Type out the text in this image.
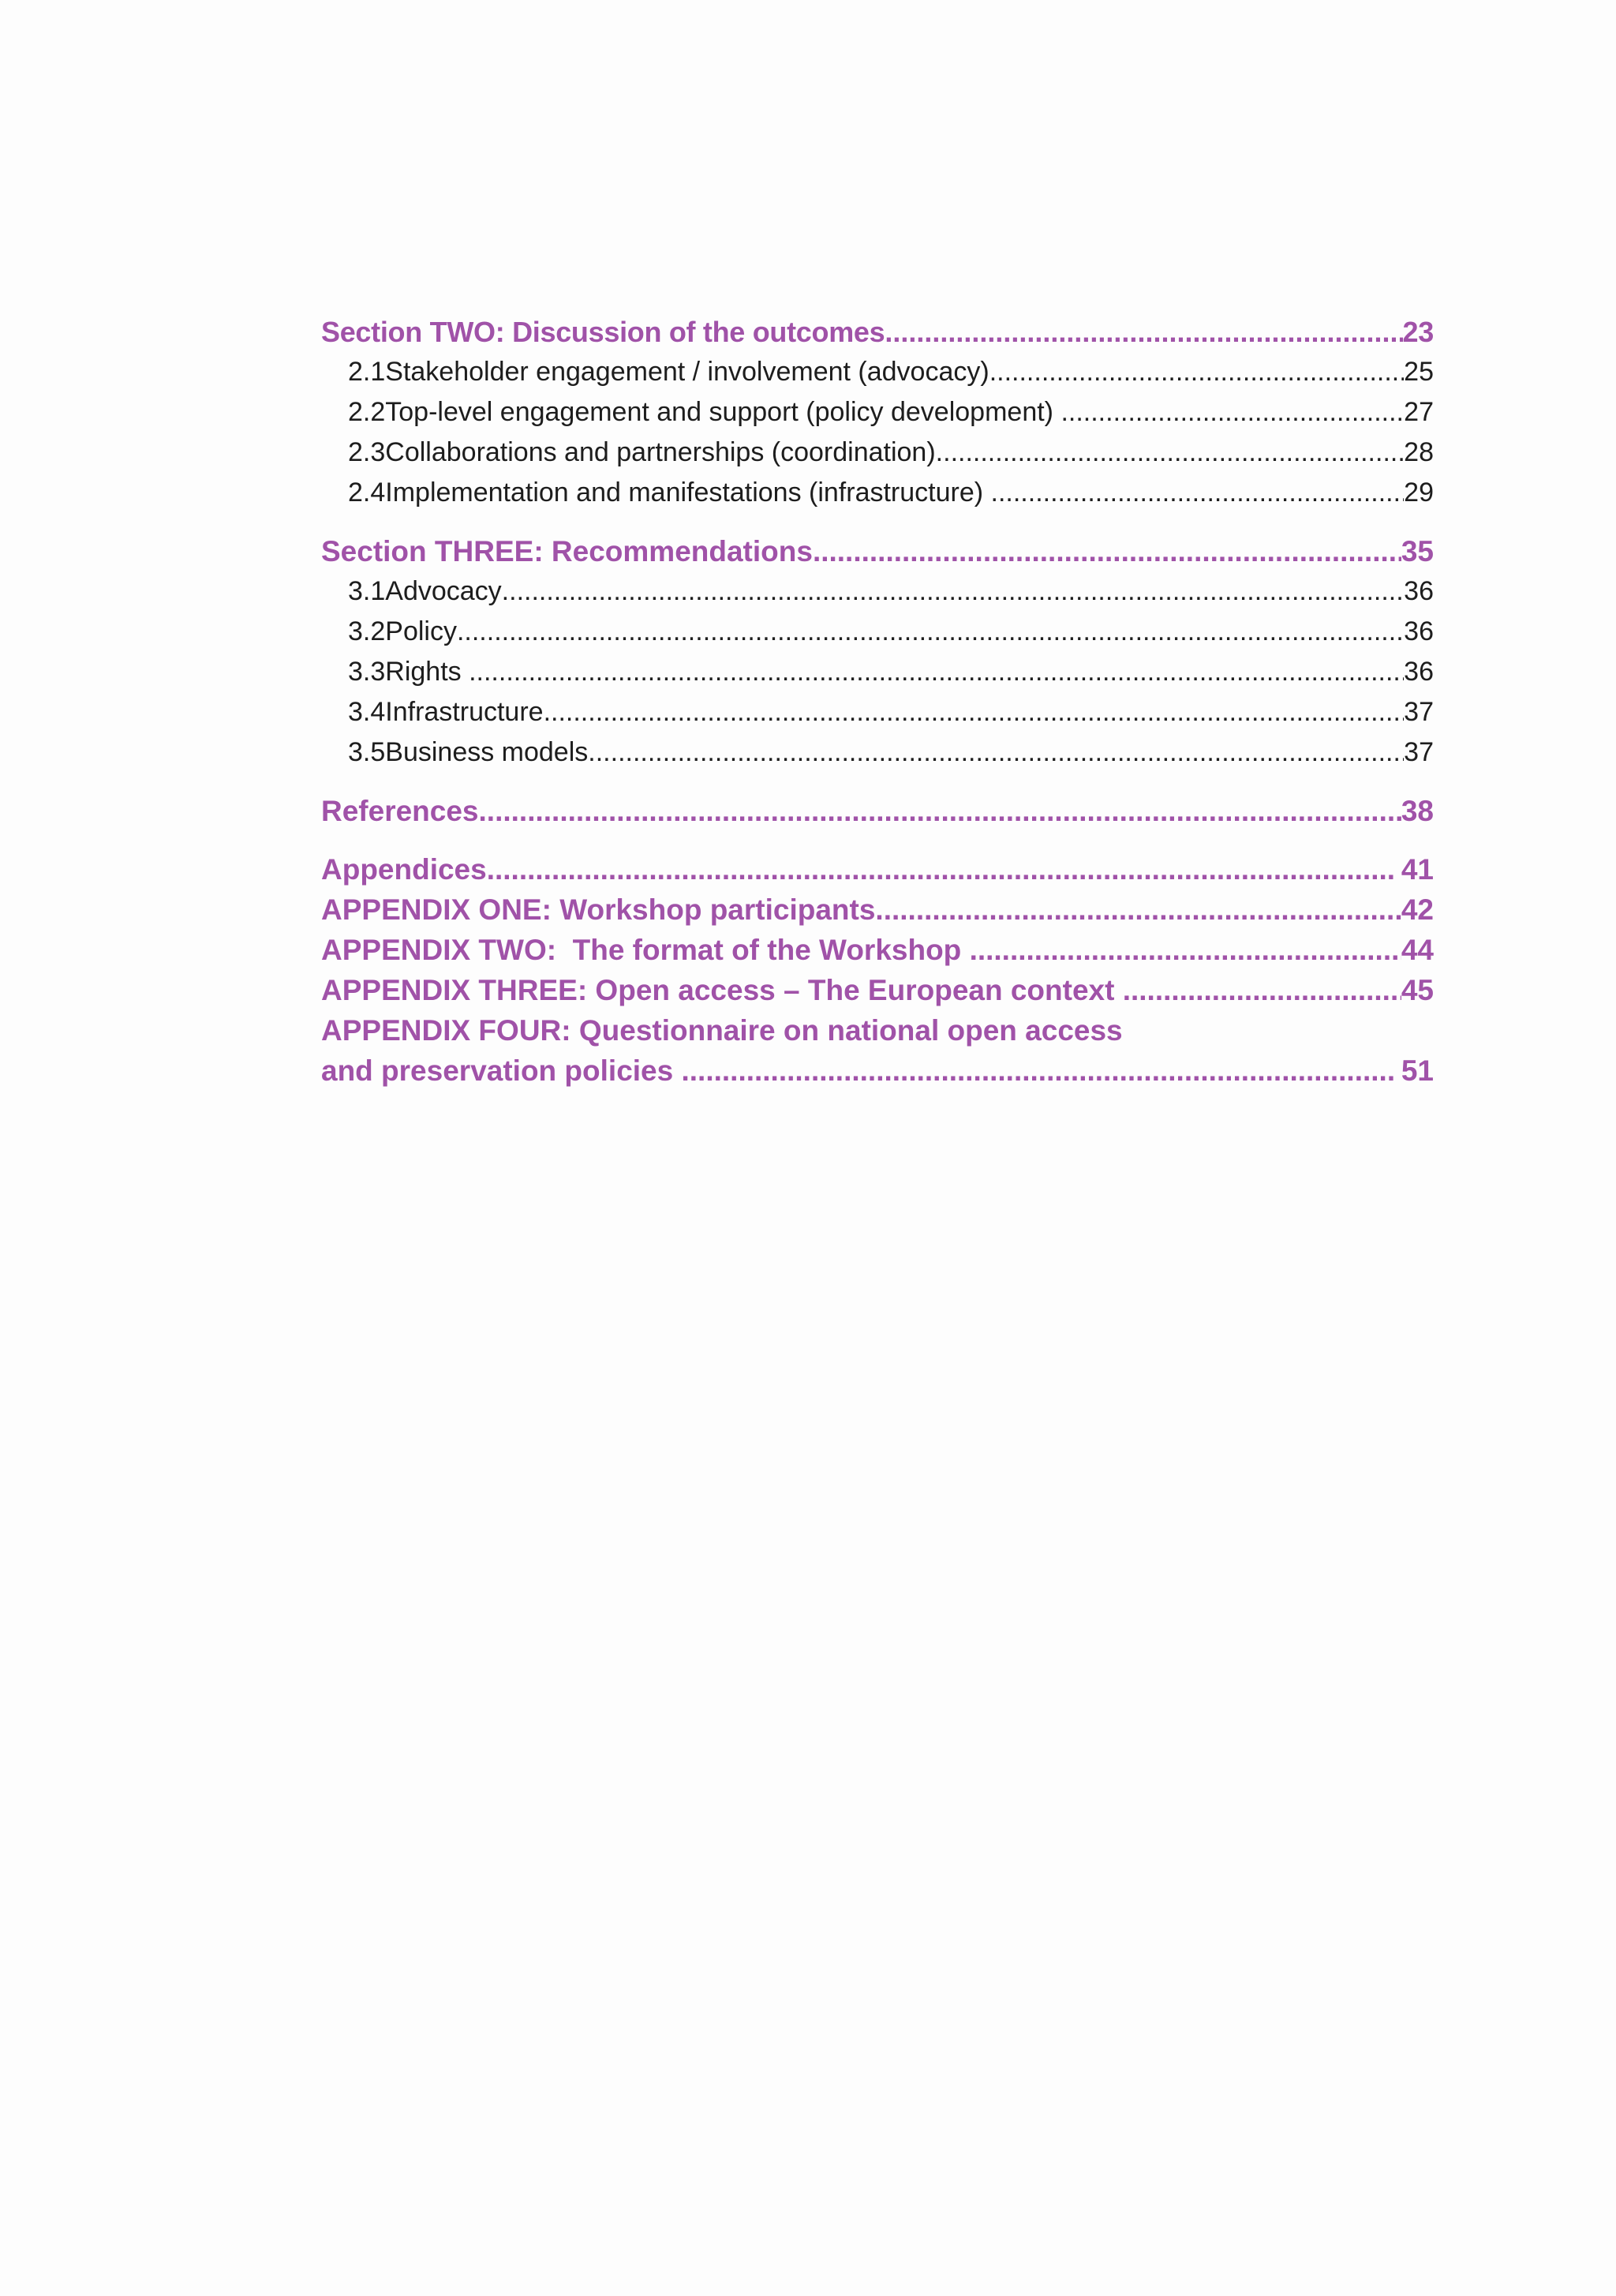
Section TWO: Discussion of the outcomes .....	23
2.1 Stakeholder engagement / involvement (advocacy) .....	25
2.2 Top-level engagement and support (policy development) .....	27
2.3 Collaborations and partnerships (coordination) .....	28
2.4 Implementation and manifestations (infrastructure) .....	29
Section THREE: Recommendations .....	35
3.1 Advocacy .....	36
3.2 Policy .....	36
3.3 Rights .....	36
3.4 Infrastructure .....	37
3.5 Business models .....	37
References .....	38
Appendices .....	41
APPENDIX ONE: Workshop participants .....	42
APPENDIX TWO:  The format of the Workshop .....	44
APPENDIX THREE: Open access – The European context .....	45
APPENDIX FOUR: Questionnaire on national open access
and preservation policies .....	51
